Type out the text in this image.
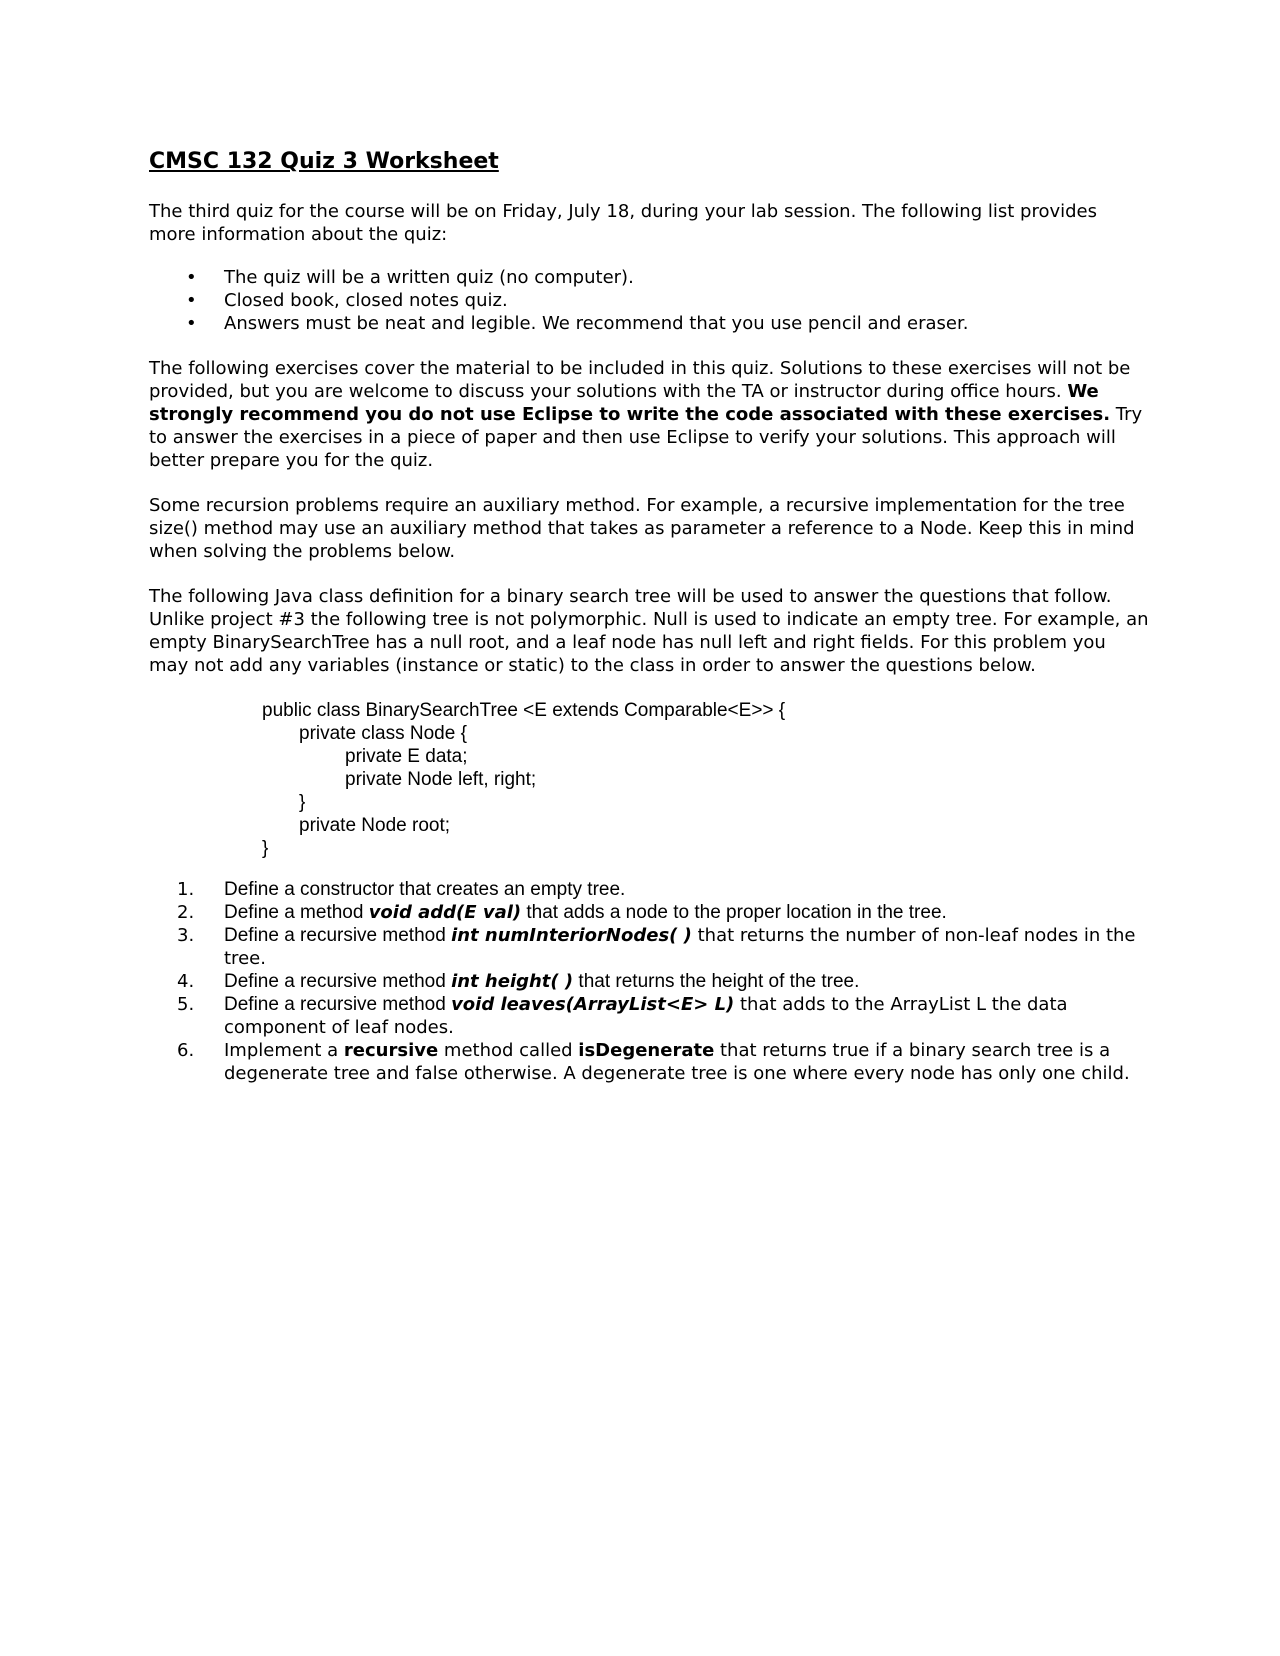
CMSC 132 Quiz 3 Worksheet

The third quiz for the course will be on Friday, July 18, during your lab session. The following list provides more information about the quiz:

• The quiz will be a written quiz (no computer).
• Closed book, closed notes quiz.
• Answers must be neat and legible. We recommend that you use pencil and eraser.

The following exercises cover the material to be included in this quiz. Solutions to these exercises will not be provided, but you are welcome to discuss your solutions with the TA or instructor during office hours. We strongly recommend you do not use Eclipse to write the code associated with these exercises. Try to answer the exercises in a piece of paper and then use Eclipse to verify your solutions. This approach will better prepare you for the quiz.

Some recursion problems require an auxiliary method. For example, a recursive implementation for the tree size() method may use an auxiliary method that takes as parameter a reference to a Node. Keep this in mind when solving the problems below.

The following Java class definition for a binary search tree will be used to answer the questions that follow. Unlike project #3 the following tree is not polymorphic. Null is used to indicate an empty tree. For example, an empty BinarySearchTree has a null root, and a leaf node has null left and right fields. For this problem you may not add any variables (instance or static) to the class in order to answer the questions below.

public class BinarySearchTree <E extends Comparable<E>> {
private class Node {
private E data;
private Node left, right;
}
private Node root;
}
1. Define a constructor that creates an empty tree.
2. Define a method void add(E val) that adds a node to the proper location in the tree.
3. Define a recursive method int numInteriorNodes( ) that returns the number of non-leaf nodes in the tree.
4. Define a recursive method int height( ) that returns the height of the tree.
5. Define a recursive method void leaves(ArrayList<E> L) that adds to the ArrayList L the data component of leaf nodes.
6. Implement a recursive method called isDegenerate that returns true if a binary search tree is a degenerate tree and false otherwise. A degenerate tree is one where every node has only one child.
